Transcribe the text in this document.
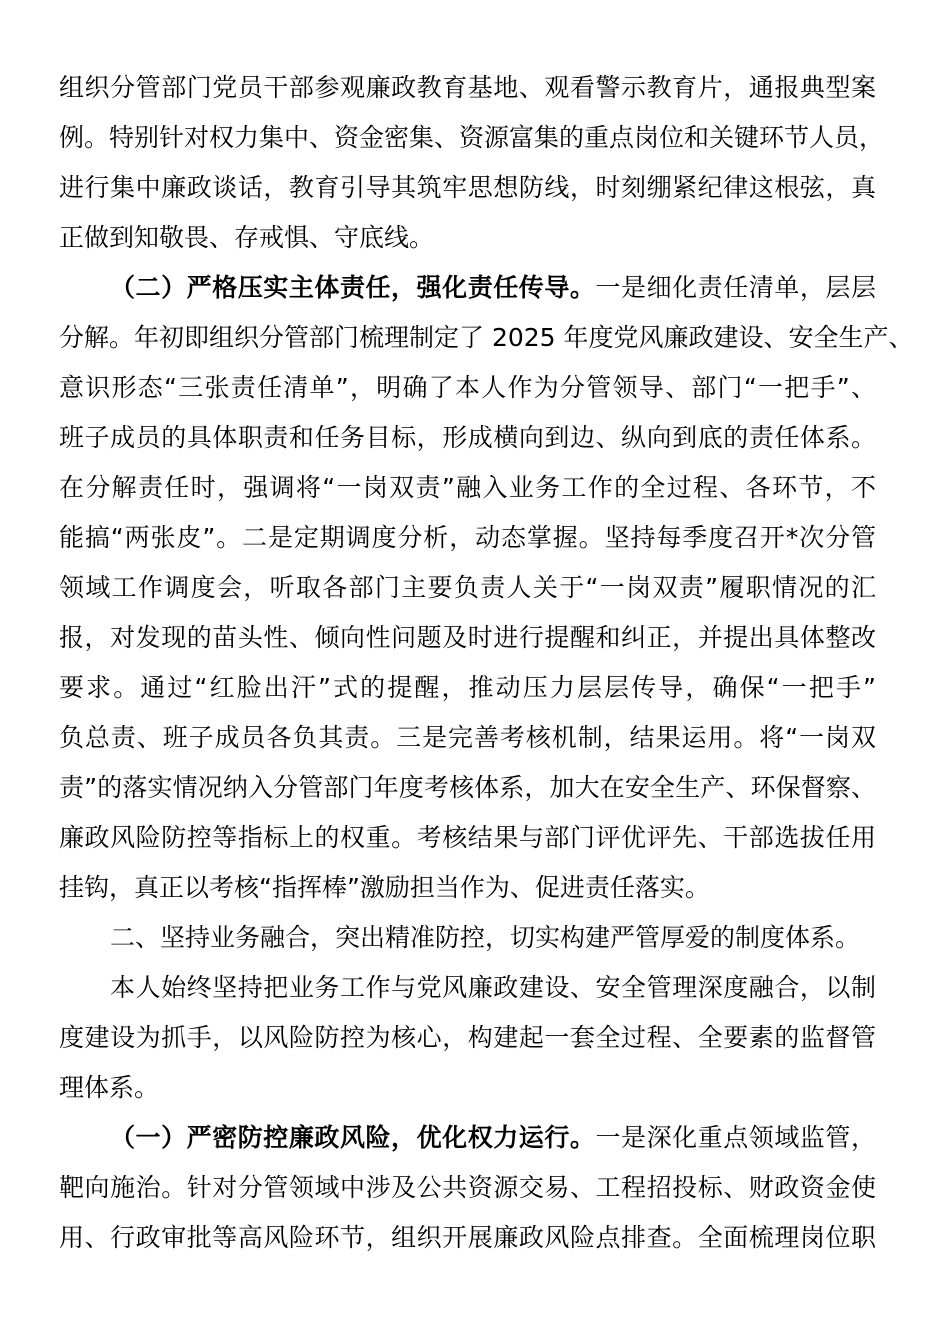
组织分管部门党员干部参观廉政教育基地、观看警示教育片，通报典型案
例。特别针对权力集中、资金密集、资源富集的重点岗位和关键环节人员，
进行集中廉政谈话，教育引导其筑牢思想防线，时刻绷紧纪律这根弦，真
正做到知敬畏、存戒惧、守底线。
（二）严格压实主体责任，强化责任传导。一是细化责任清单，层层
分解。年初即组织分管部门梳理制定了 2025 年度党风廉政建设、安全生产、
意识形态“三张责任清单”，明确了本人作为分管领导、部门“一把手”、
班子成员的具体职责和任务目标，形成横向到边、纵向到底的责任体系。
在分解责任时，强调将“一岗双责”融入业务工作的全过程、各环节，不
能搞“两张皮”。二是定期调度分析，动态掌握。坚持每季度召开*次分管
领域工作调度会，听取各部门主要负责人关于“一岗双责”履职情况的汇
报，对发现的苗头性、倾向性问题及时进行提醒和纠正，并提出具体整改
要求。通过“红脸出汗”式的提醒，推动压力层层传导，确保“一把手”
负总责、班子成员各负其责。三是完善考核机制，结果运用。将“一岗双
责”的落实情况纳入分管部门年度考核体系，加大在安全生产、环保督察、
廉政风险防控等指标上的权重。考核结果与部门评优评先、干部选拔任用
挂钩，真正以考核“指挥棒”激励担当作为、促进责任落实。
二、坚持业务融合，突出精准防控，切实构建严管厚爱的制度体系。
本人始终坚持把业务工作与党风廉政建设、安全管理深度融合，以制
度建设为抓手，以风险防控为核心，构建起一套全过程、全要素的监督管
理体系。
（一）严密防控廉政风险，优化权力运行。一是深化重点领域监管，
靶向施治。针对分管领域中涉及公共资源交易、工程招投标、财政资金使
用、行政审批等高风险环节，组织开展廉政风险点排查。全面梳理岗位职
